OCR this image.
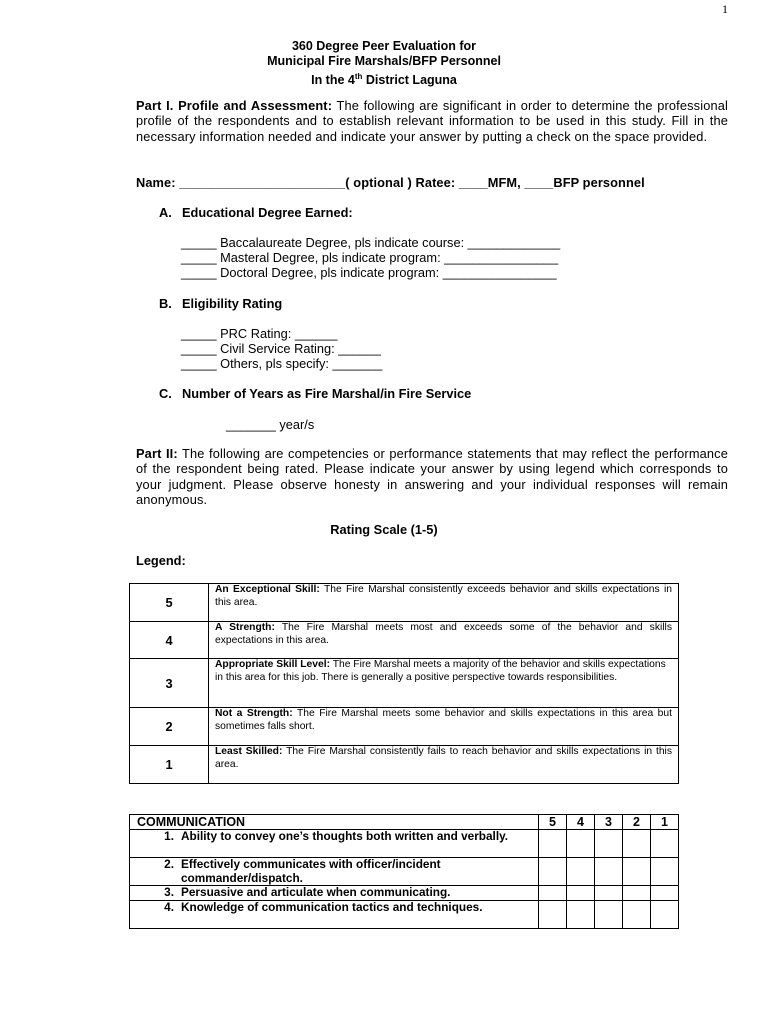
1
360 Degree Peer Evaluation for
Municipal Fire Marshals/BFP Personnel
In the 4th District Laguna
Part I. Profile and Assessment: The following are significant in order to determine the professional profile of the respondents and to establish relevant information to be used in this study. Fill in the necessary information needed and indicate your answer by putting a check on the space provided.
Name: _______________________( optional ) Ratee: ____MFM, ____BFP personnel
A. Educational Degree Earned:
_____ Baccalaureate Degree, pls indicate course: _____________
_____ Masteral Degree, pls indicate program: ________________
_____ Doctoral Degree, pls indicate program: ________________
B. Eligibility Rating
_____ PRC Rating: ______
_____ Civil Service Rating: ______
_____ Others, pls specify: _______
C. Number of Years as Fire Marshal/in Fire Service
_______ year/s
Part II: The following are competencies or performance statements that may reflect the performance of the respondent being rated. Please indicate your answer by using legend which corresponds to your judgment. Please observe honesty in answering and your individual responses will remain anonymous.
Rating Scale (1-5)
Legend:
5	An Exceptional Skill: The Fire Marshal consistently exceeds behavior and skills expectations in this area.
4	A Strength: The Fire Marshal meets most and exceeds some of the behavior and skills expectations in this area.
3	Appropriate Skill Level: The Fire Marshal meets a majority of the behavior and skills expectations in this area for this job. There is generally a positive perspective towards responsibilities.
2	Not a Strength: The Fire Marshal meets some behavior and skills expectations in this area but sometimes falls short.
1	Least Skilled: The Fire Marshal consistently fails to reach behavior and skills expectations in this area.
COMMUNICATION	5	4	3	2	1

1. Ability to convey one’s thoughts both written and verbally.					

2. Effectively communicates with officer/incident commander/dispatch.					

3. Persuasive and articulate when communicating.					

4. Knowledge of communication tactics and techniques.					
